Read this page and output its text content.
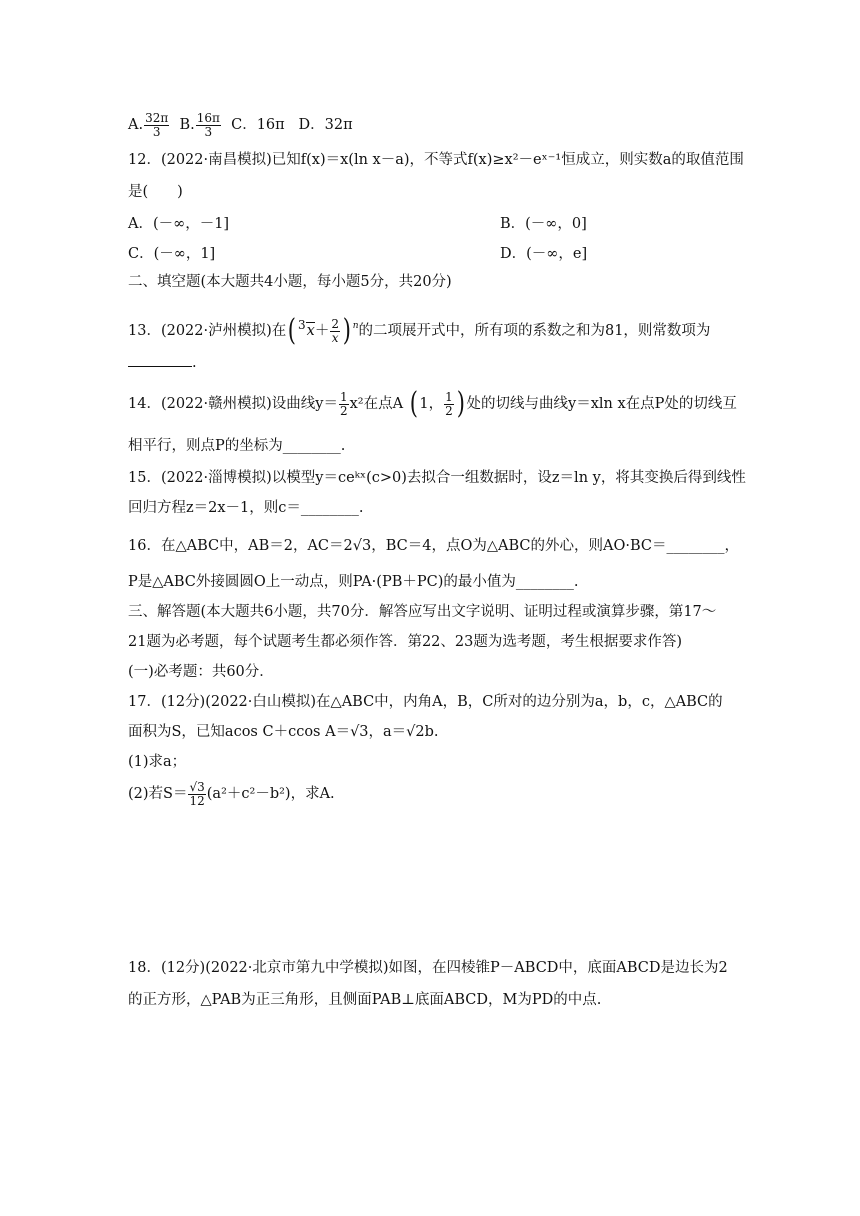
A. $\frac{32\pi}{3} B$. $\frac{16\pi}{3}$ C．16π D．32π
12．(2022·南昌模拟)已知f(x)＝x(ln x－a)，不等式f(x)≥x²－eˣ⁻¹恒成立，则实数a的取值范围
是(　　)
A．(－∞，－1]	B．(－∞，0]
C．(－∞，1]	D．(－∞，e]
二、填空题(本大题共4小题，每小题5分，共20分)
13．(2022·泸州模拟)在( $^3x+ \frac{2}{x}$ ) $^n$的二项展开式中，所有项的系数之和为81，则常数项为
.
14．(2022·赣州模拟)设曲线$y= \frac{1}{2} x^2$在点A ( 1， $\frac{1}{2}$ ) 处的切线与曲线y＝xln x在点P处的切线互
相平行，则点P的坐标为________.
15．(2022·淄博模拟)以模型y＝ceᵏˣ(c>0)去拟合一组数据时，设z＝ln y，将其变换后得到线性
回归方程z＝2x－1，则c＝________.
16．在△ABC中，AB＝2，AC＝2√3，BC＝4，点O为△ABC的外心，则AO·BC＝________，
P是△ABC外接圆圆O上一动点，则PA·(PB＋PC)的最小值为________.
三、解答题(本大题共6小题，共70分．解答应写出文字说明、证明过程或演算步骤，第17～
21题为必考题，每个试题考生都必须作答．第22、23题为选考题，考生根据要求作答)
(一)必考题：共60分．
17．(12分)(2022·白山模拟)在△ABC中，内角A，B，C所对的边分别为a，b，c，△ABC的
面积为S，已知acos C＋ccos A＝√3，a＝√2b.
(1)求a；
(2)若$S= \frac{√3}{12} (a^2+c^2-b^2)$，求A.
18．(12分)(2022·北京市第九中学模拟)如图，在四棱锥P－ABCD中，底面ABCD是边长为2
的正方形，△PAB为正三角形，且侧面PAB⊥底面ABCD，M为PD的中点.
